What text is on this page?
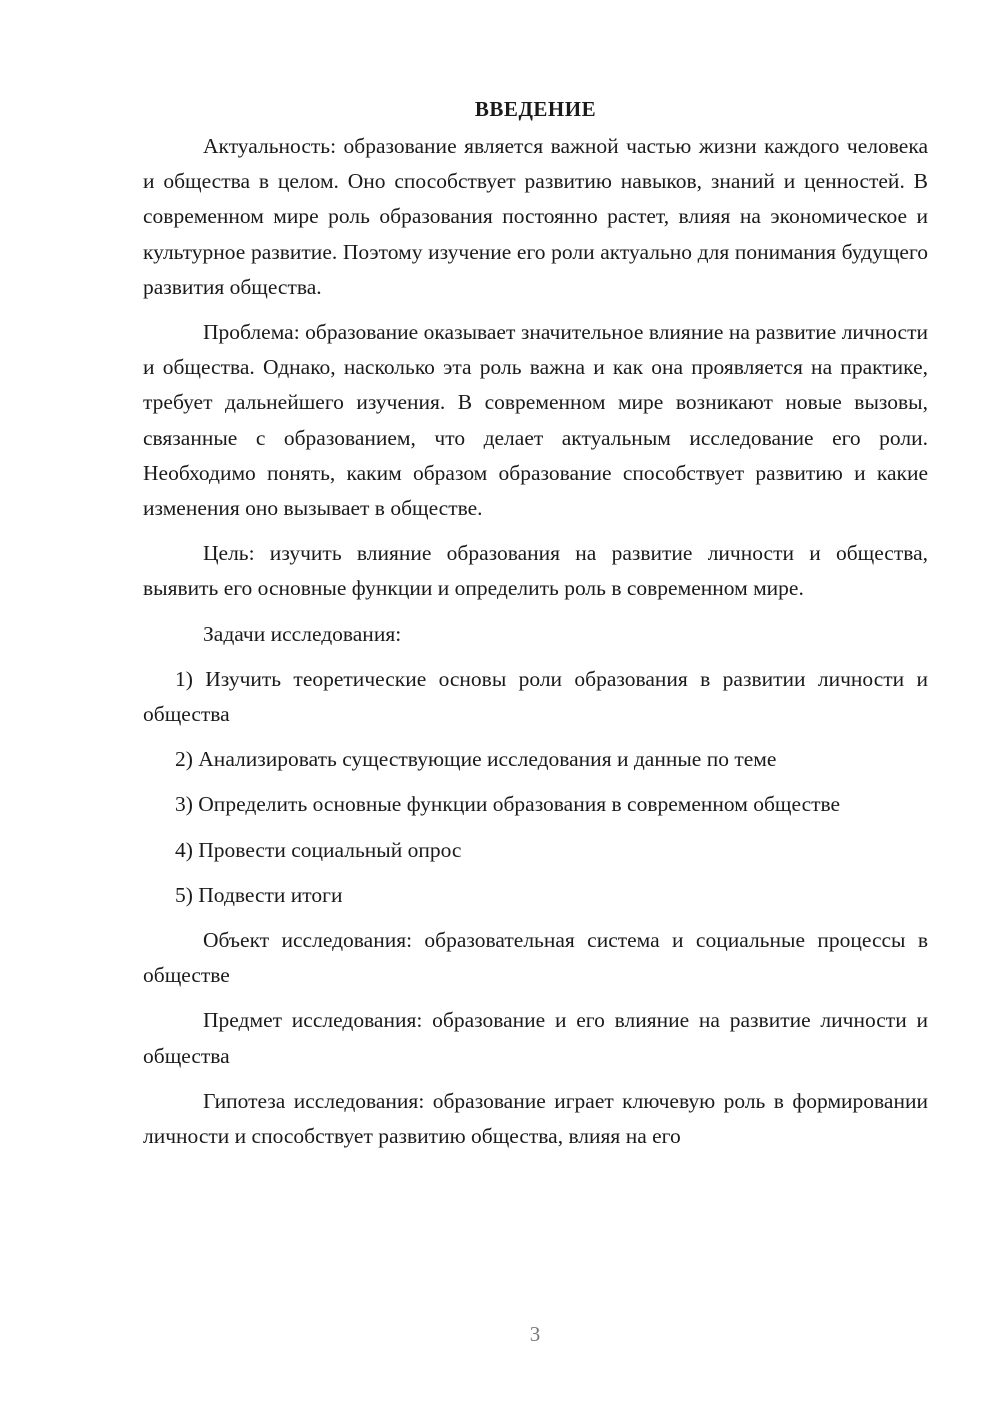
ВВЕДЕНИЕ

Актуальность: образование является важной частью жизни каждого человека и общества в целом. Оно способствует развитию навыков, знаний и ценностей. В современном мире роль образования постоянно растет, влияя на экономическое и культурное развитие. Поэтому изучение его роли актуально для понимания будущего развития общества.

Проблема: образование оказывает значительное влияние на развитие личности и общества. Однако, насколько эта роль важна и как она проявляется на практике, требует дальнейшего изучения. В современном мире возникают новые вызовы, связанные с образованием, что делает актуальным исследование его роли. Необходимо понять, каким образом образование способствует развитию и какие изменения оно вызывает в обществе.

Цель: изучить влияние образования на развитие личности и общества, выявить его основные функции и определить роль в современном мире.

Задачи исследования:

1) Изучить теоретические основы роли образования в развитии личности и общества

2) Анализировать существующие исследования и данные по теме

3) Определить основные функции образования в современном обществе

4) Провести социальный опрос

5) Подвести итоги

Объект исследования: образовательная система и социальные процессы в обществе

Предмет исследования: образование и его влияние на развитие личности и общества

Гипотеза исследования: образование играет ключевую роль в формировании личности и способствует развитию общества, влияя на его

3
